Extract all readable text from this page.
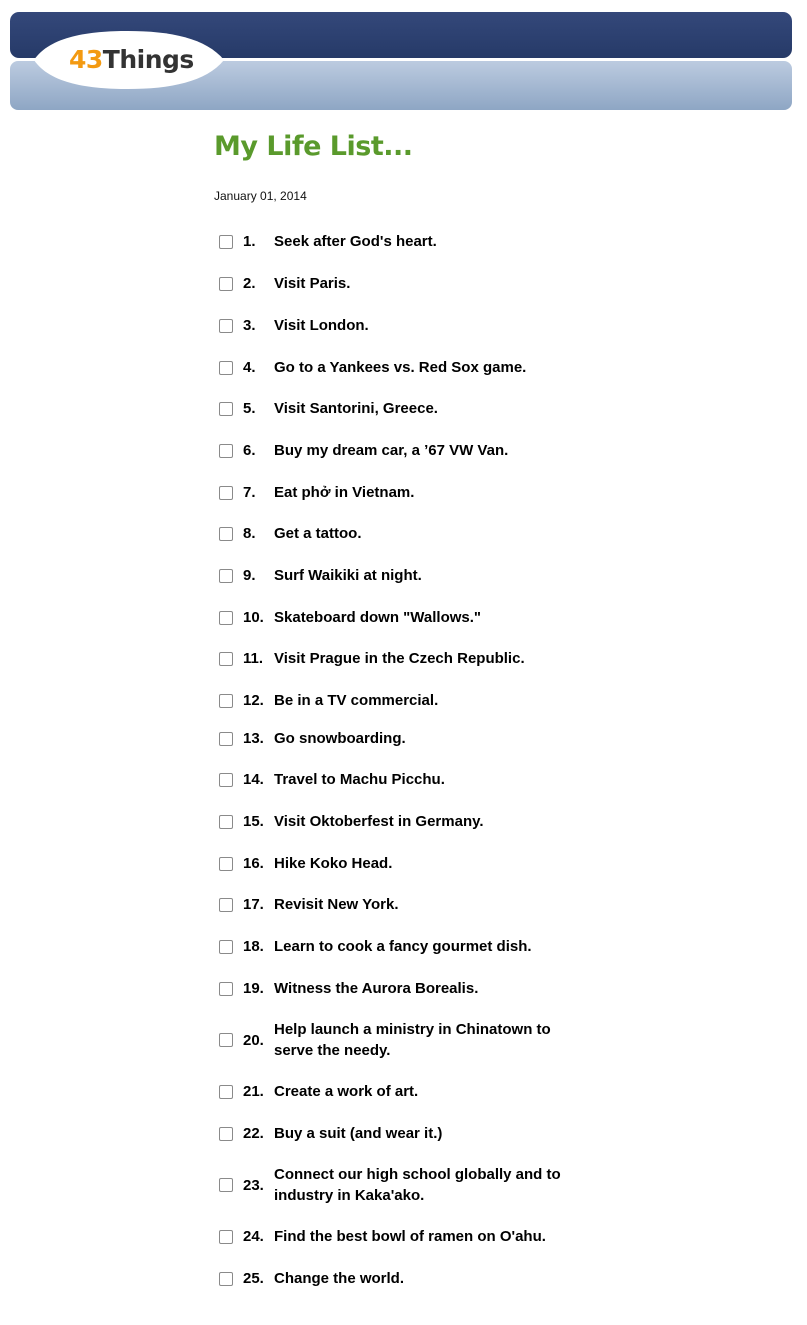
43Things
My Life List...
January 01, 2014
1.	Seek after God's heart.
2.	Visit Paris.
3.	Visit London.
4.	Go to a Yankees vs. Red Sox game.
5.	Visit Santorini, Greece.
6.	Buy my dream car, a ’67 VW Van.
7.	Eat phở in Vietnam.
8.	Get a tattoo.
9.	Surf Waikiki at night.
10. Skateboard down "Wallows."
11. Visit Prague in the Czech Republic.
12. Be in a TV commercial.
13. Go snowboarding.
14. Travel to Machu Picchu.
15. Visit Oktoberfest in Germany.
16. Hike Koko Head.
17. Revisit New York.
18. Learn to cook a fancy gourmet dish.
19. Witness the Aurora Borealis.
20.
Help launch a ministry in Chinatown to serve the needy.
21. Create a work of art.
22. Buy a suit (and wear it.)
23.
Connect our high school globally and to industry in Kaka'ako.
24. Find the best bowl of ramen on O'ahu.
25. Change the world.
